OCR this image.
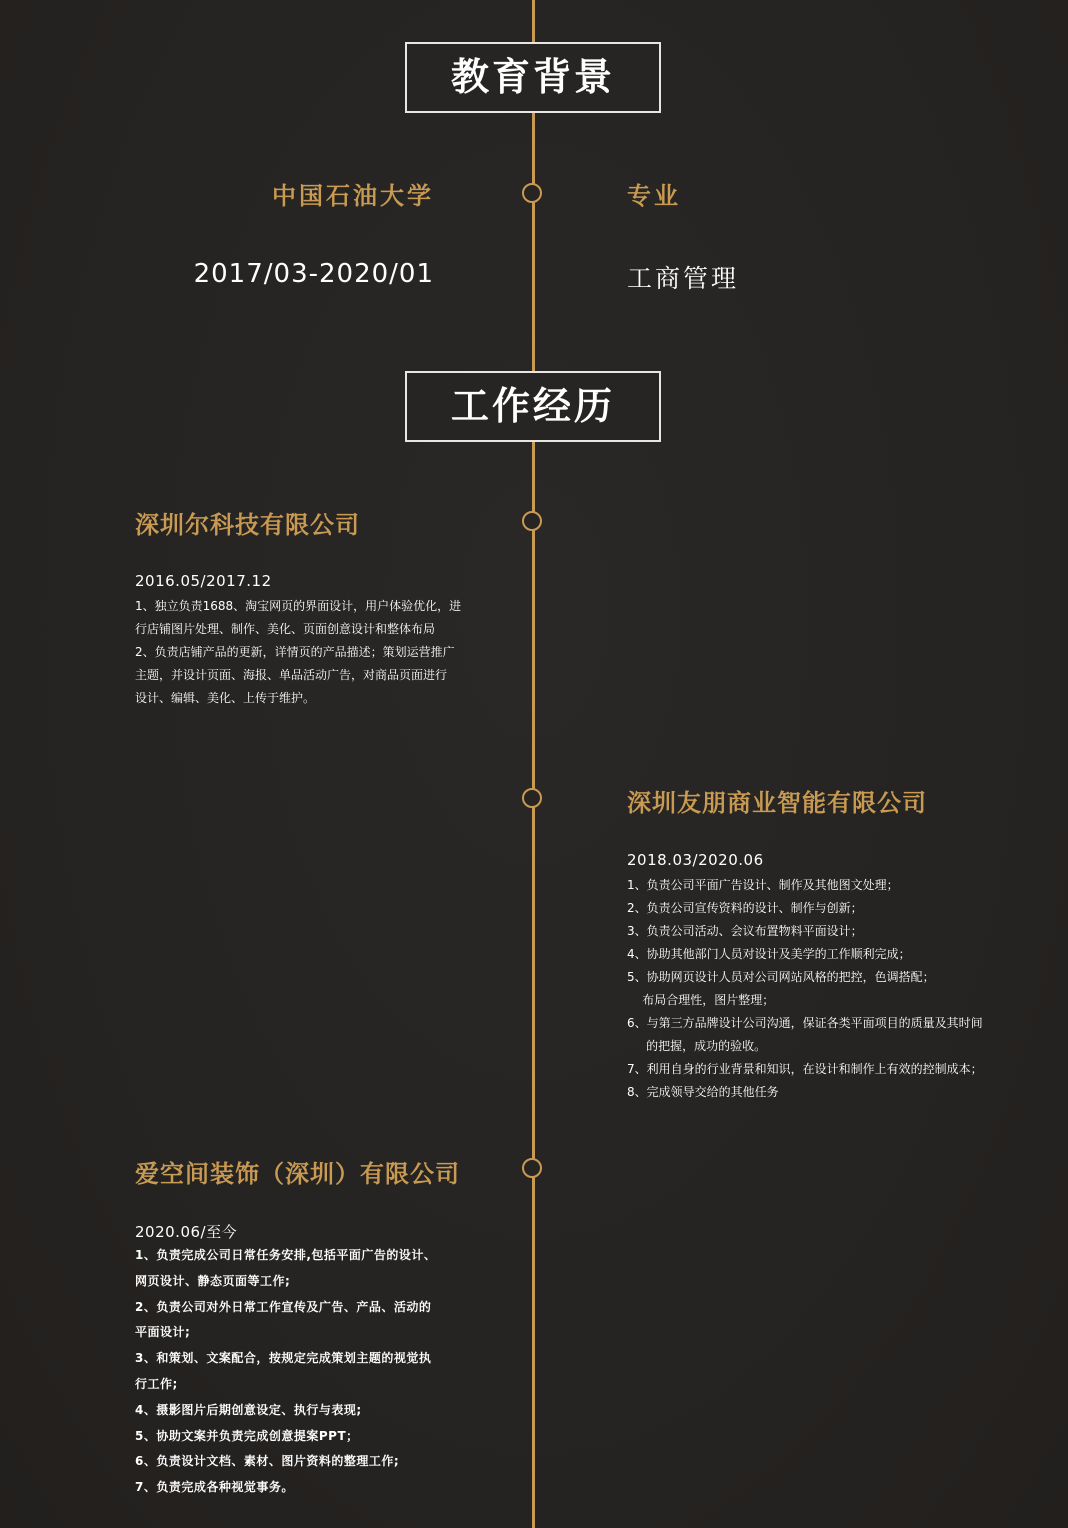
教育背景
中国石油大学	专业
2017/03-2020/01	工商管理
工作经历
深圳尔科技有限公司
2016.05/2017.12
1、独立负责1688、淘宝网页的界面设计，用户体验优化，进
行店铺图片处理、制作、美化、页面创意设计和整体布局
2、负责店铺产品的更新，详情页的产品描述；策划运营推广
主题，并设计页面、海报、单品活动广告，对商品页面进行
设计、编辑、美化、上传于维护。
深圳友朋商业智能有限公司
2018.03/2020.06
1、负责公司平面广告设计、制作及其他图文处理；
2、负责公司宣传资料的设计、制作与创新；
3、负责公司活动、会议布置物料平面设计；
4、协助其他部门人员对设计及美学的工作顺利完成；
5、协助网页设计人员对公司网站风格的把控，色调搭配；
布局合理性，图片整理；
6、与第三方品牌设计公司沟通，保证各类平面项目的质量及其时间
的把握，成功的验收。
7、利用自身的行业背景和知识，在设计和制作上有效的控制成本；
8、完成领导交给的其他任务
爱空间装饰（深圳）有限公司
2020.06/至今
1、负责完成公司日常任务安排,包括平面广告的设计、
网页设计、静态页面等工作;
2、负责公司对外日常工作宣传及广告、产品、活动的
平面设计;
3、和策划、文案配合，按规定完成策划主题的视觉执
行工作;
4、摄影图片后期创意设定、执行与表现;
5、协助文案并负责完成创意提案PPT；
6、负责设计文档、素材、图片资料的整理工作;
7、负责完成各种视觉事务。
